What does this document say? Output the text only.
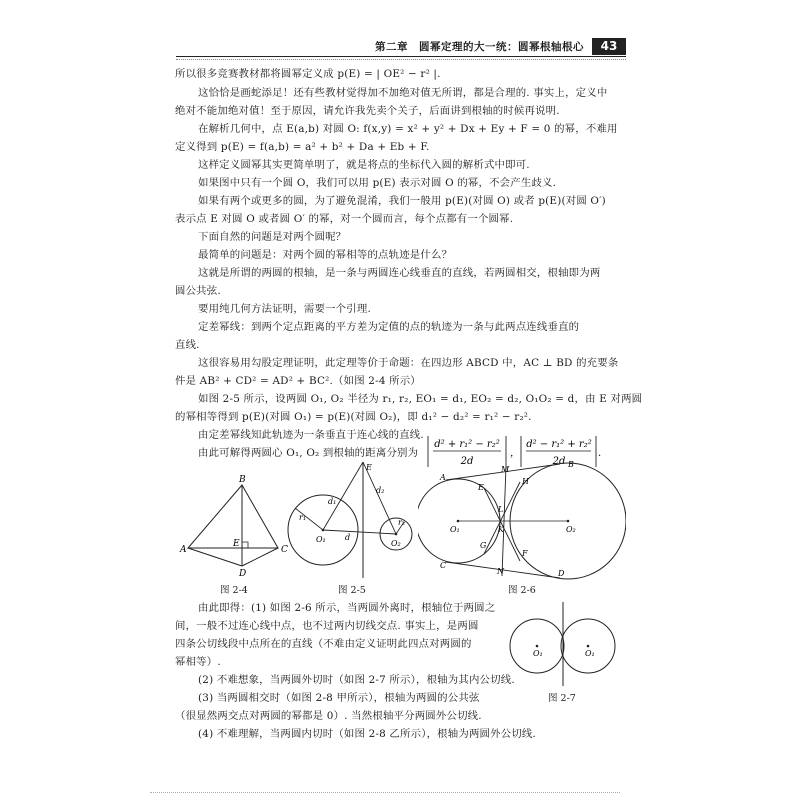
第二章　圆幂定理的大一统：圆幂根轴根心	43
所以很多竞赛教材都将圆幂定义成 p(E) = | OE² − r² |.
这恰恰是画蛇添足！还有些教材觉得加不加绝对值无所谓，都是合理的. 事实上，定义中
绝对不能加绝对值！至于原因，请允许我先卖个关子，后面讲到根轴的时候再说明.
在解析几何中，点 E(a,b) 对圆 O: f(x,y) = x² + y² + Dx + Ey + F = 0 的幂，不难用
定义得到 p(E) = f(a,b) = a² + b² + Da + Eb + F.
这样定义圆幂其实更简单明了，就是将点的坐标代入圆的解析式中即可.
如果图中只有一个圆 O，我们可以用 p(E) 表示对圆 O 的幂，不会产生歧义.
如果有两个或更多的圆，为了避免混淆，我们一般用 p(E)(对圆 O) 或者 p(E)(对圆 O′)
表示点 E 对圆 O 或者圆 O′ 的幂，对一个圆而言，每个点都有一个圆幂.
下面自然的问题是对两个圆呢？
最简单的问题是：对两个圆的幂相等的点轨迹是什么？
这就是所谓的两圆的根轴，是一条与两圆连心线垂直的直线，若两圆相交，根轴即为两
圆公共弦.
要用纯几何方法证明，需要一个引理.
定差幂线：到两个定点距离的平方差为定值的点的轨迹为一条与此两点连线垂直的
直线.
这很容易用勾股定理证明，此定理等价于命题：在四边形 ABCD 中，AC ⊥ BD 的充要条
件是 AB² + CD² = AD² + BC².（如图 2-4 所示）
如图 2-5 所示，设两圆 O₁, O₂ 半径为 r₁, r₂, EO₁ = d₁, EO₂ = d₂, O₁O₂ = d，由 E 对两圆
的幂相等得到 p(E)(对圆 O₁) = p(E)(对圆 O₂)，即 d₁² − d₂² = r₁² − r₂².
由定差幂线知此轨迹为一条垂直于连心线的直线.
由此可解得两圆心 O₁, O₂ 到根轴的距离分别为
d² + r₁² − r₂²
2d
，
d² − r₁² + r₂²
2d
.
A
B
C
D
E
图 2-4
E
d₁
d₂
r₁
r₂
O₁	O₂
d
图 2-5
A
B
C
D
M
N
H
E
F
G
L
K
O₁	O₂
图 2-6
由此即得：(1) 如图 2-6 所示，当两圆外离时，根轴位于两圆之
间，一般不过连心线中点，也不过两内切线交点. 事实上，是两圆
四条公切线段中点所在的直线（不难由定义证明此四点对两圆的
幂相等）.
(2) 不难想象，当两圆外切时（如图 2-7 所示），根轴为其内公切线.
(3) 当两圆相交时（如图 2-8 甲所示），根轴为两圆的公共弦
（很显然两交点对两圆的幂都是 0）. 当然根轴平分两圆外公切线.
(4) 不难理解，当两圆内切时（如图 2-8 乙所示），根轴为两圆外公切线.
O₁	O₁
图 2-7
